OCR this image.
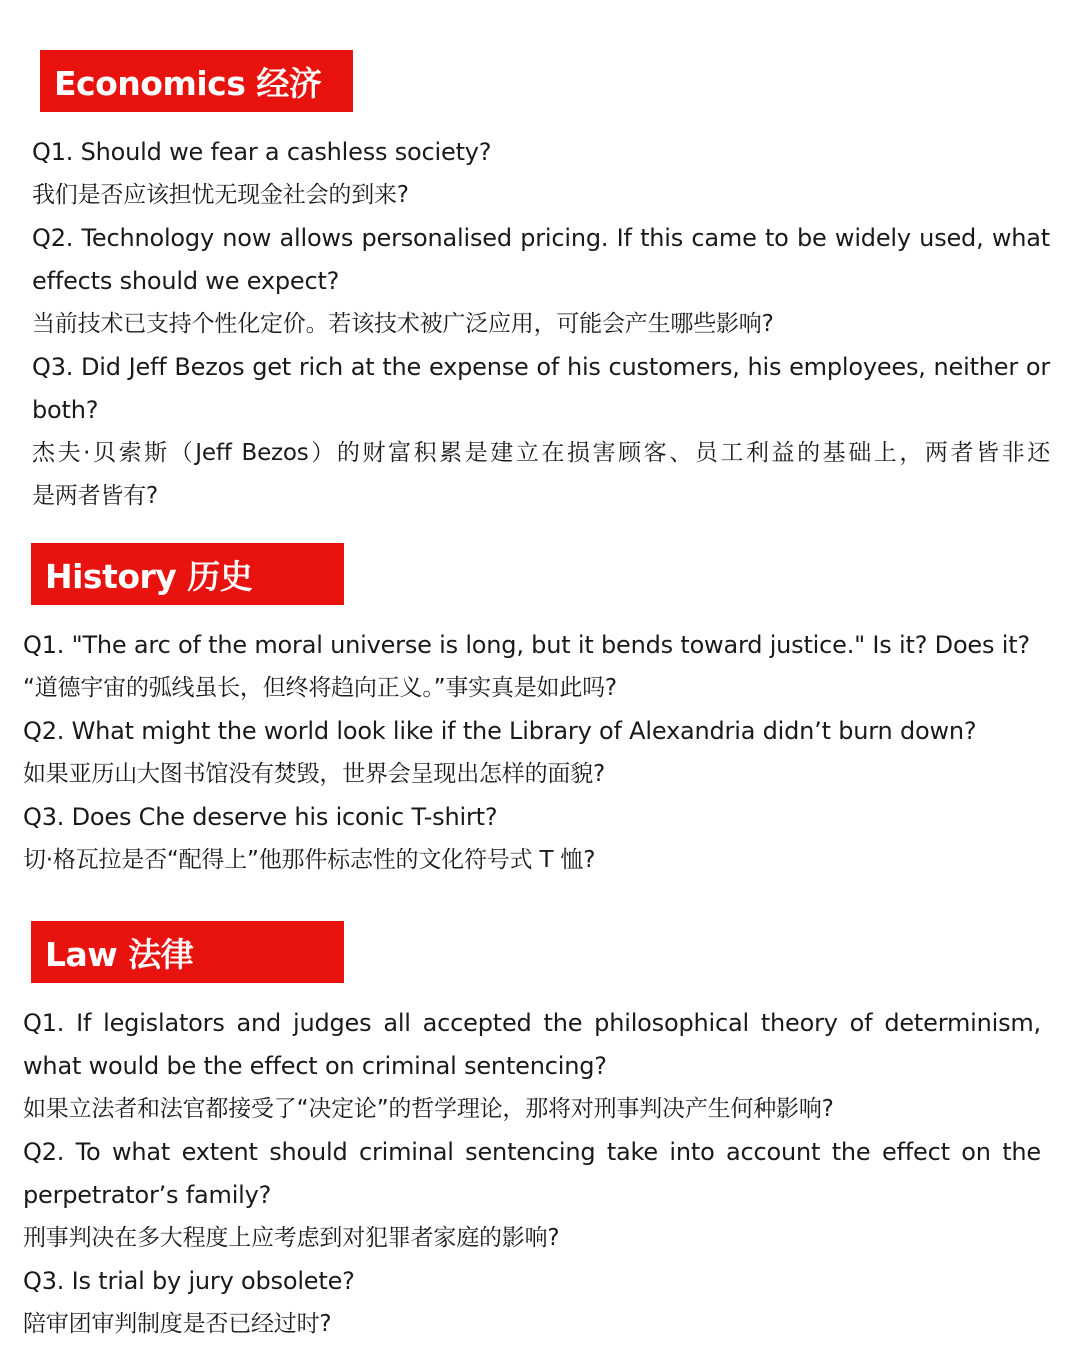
Economics 经济
Q1. Should we fear a cashless society?
我们是否应该担忧无现金社会的到来?
Q2. Technology now allows personalised pricing. If this came to be widely used, what
effects should we expect?
当前技术已支持个性化定价。若该技术被广泛应用，可能会产生哪些影响?
Q3. Did Jeff Bezos get rich at the expense of his customers, his employees, neither or
both?
杰夫·贝索斯（Jeff Bezos）的财富积累是建立在损害顾客、员工利益的基础上，两者皆非还
是两者皆有?
History 历史
Q1. "The arc of the moral universe is long, but it bends toward justice." Is it? Does it?
“道德宇宙的弧线虽长，但终将趋向正义。”事实真是如此吗?
Q2. What might the world look like if the Library of Alexandria didn’t burn down?
如果亚历山大图书馆没有焚毁，世界会呈现出怎样的面貌?
Q3. Does Che deserve his iconic T-shirt?
切·格瓦拉是否“配得上”他那件标志性的文化符号式 T 恤?
Law 法律
Q1. If legislators and judges all accepted the philosophical theory of determinism,
what would be the effect on criminal sentencing?
如果立法者和法官都接受了“决定论”的哲学理论，那将对刑事判决产生何种影响?
Q2. To what extent should criminal sentencing take into account the effect on the
perpetrator’s family?
刑事判决在多大程度上应考虑到对犯罪者家庭的影响?
Q3. Is trial by jury obsolete?
陪审团审判制度是否已经过时?
